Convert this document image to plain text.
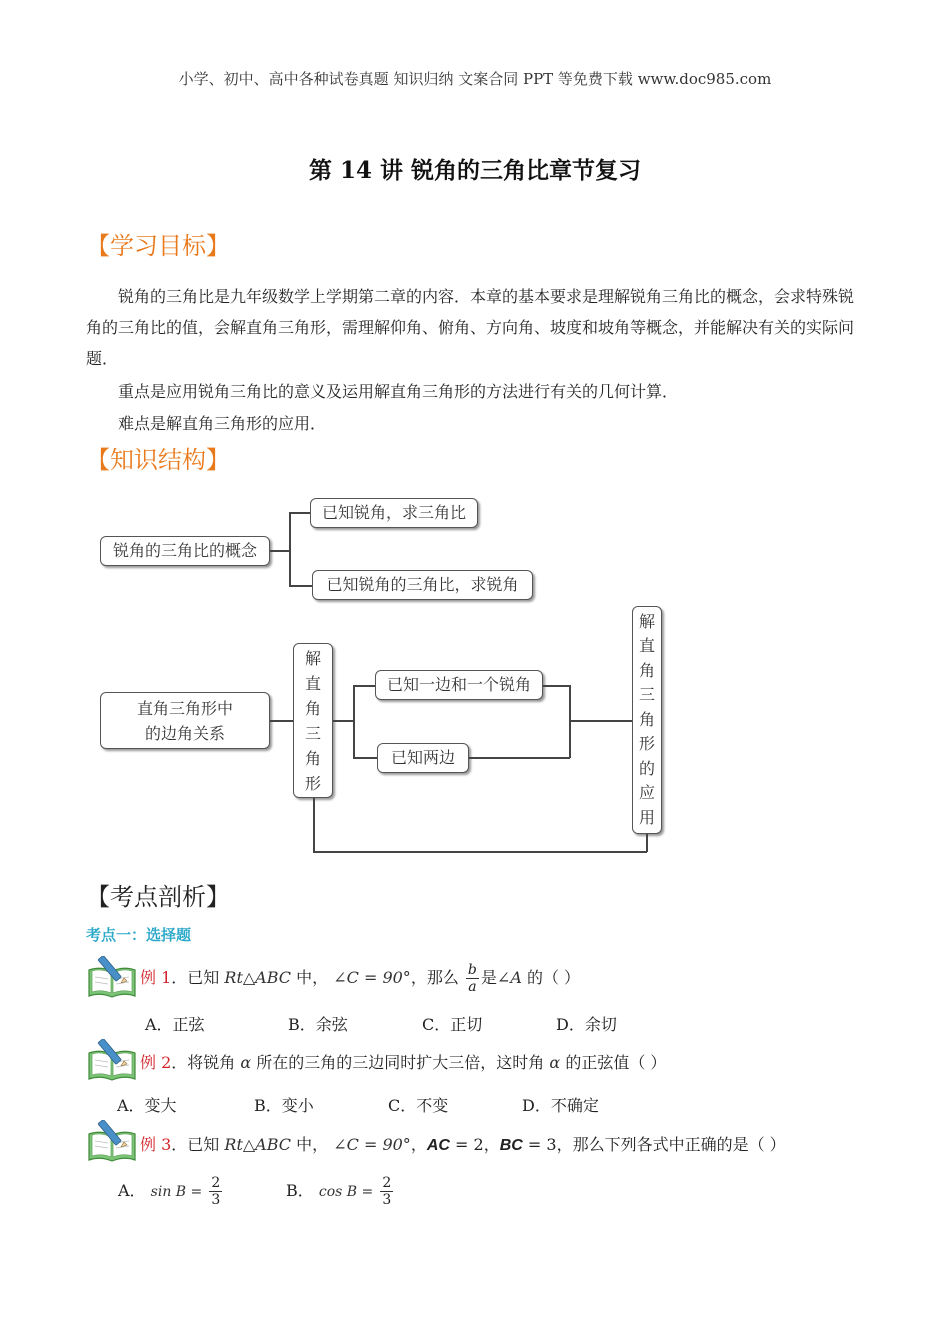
小学、初中、高中各种试卷真题 知识归纳 文案合同 PPT 等免费下载 www.doc985.com
第 14 讲 锐角的三角比章节复习
【学习目标】
锐角的三角比是九年级数学上学期第二章的内容．本章的基本要求是理解锐角三角比的概念，会求特殊锐角的三角比的值，会解直角三角形，需理解仰角、俯角、方向角、坡度和坡角等概念，并能解决有关的实际问题．
重点是应用锐角三角比的意义及运用解直角三角形的方法进行有关的几何计算．
难点是解直角三角形的应用．
【知识结构】
锐角的三角比的概念
已知锐角，求三角比
已知锐角的三角比，求锐角
直角三角形中
的边角关系
解
直
角
三
角
形
已知一边和一个锐角
已知两边
解
直
角
三
角
形
的
应
用
【考点剖析】
考点一：选择题
例 1．已知 Rt△ABC 中， ∠C = 90°，那么 $\frac{b}{a}$ 是∠A 的（ ）
A．正弦	B．余弦	C．正切	D．余切
例 2．将锐角 α 所在的三角的三边同时扩大三倍，这时角 α 的正弦值（ ）
A．变大	B．变小	C．不变	D．不确定
例 3．已知 Rt△ABC 中， ∠C = 90°，AC = 2，BC = 3，那么下列各式中正确的是（ ）
A． $\sin B = \frac{2}{3}$	B． $\cos B = \frac{2}{3}$
